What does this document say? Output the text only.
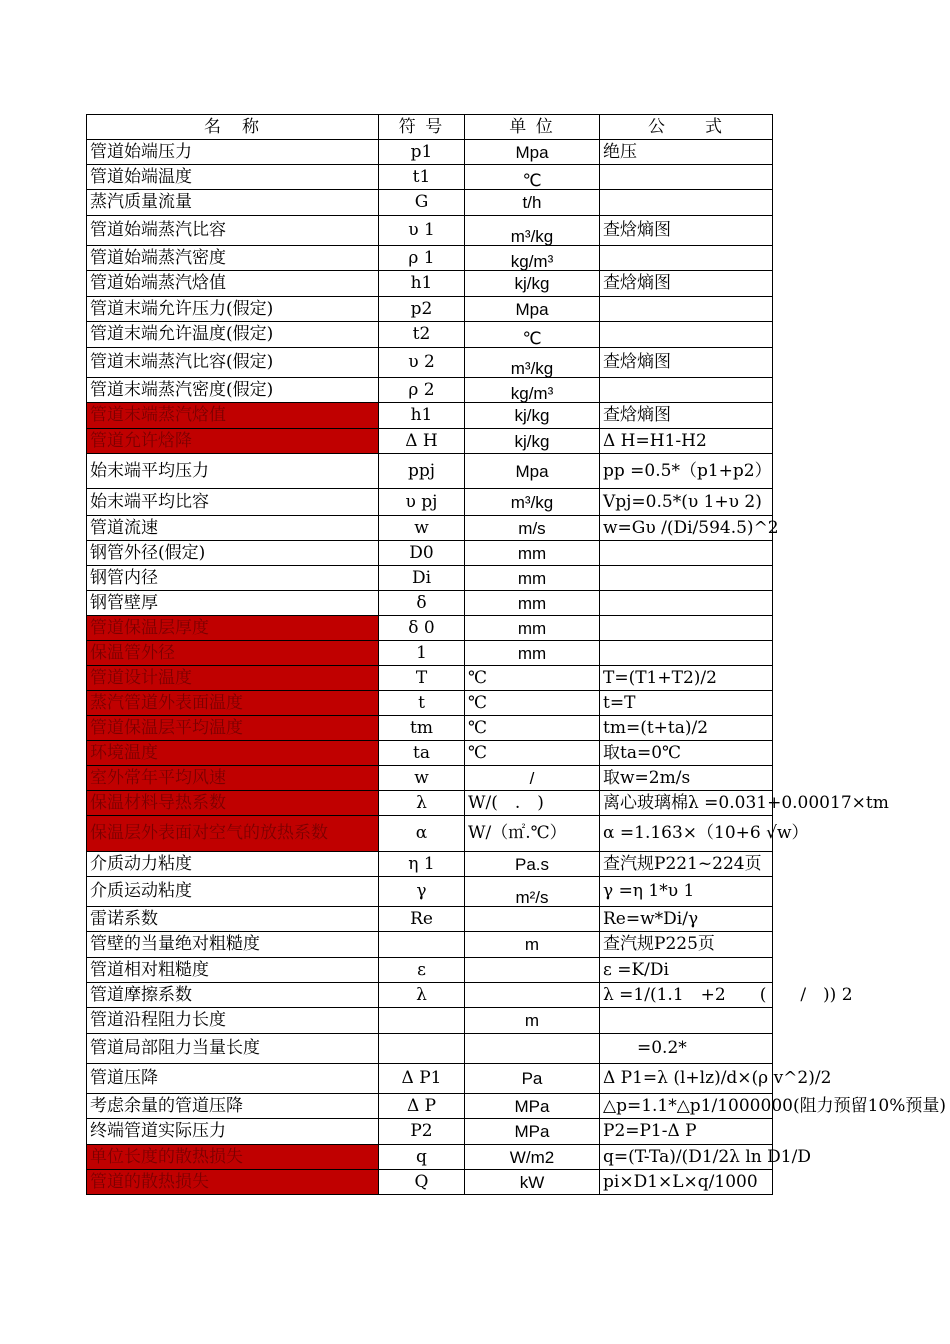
名　称	符 号	单 位	公　　式
管道始端压力	p1	Mpa	绝压
管道始端温度	t1	℃	
蒸汽质量流量	G	t/h	
管道始端蒸汽比容	υ 1	m³/kg	查焓熵图
管道始端蒸汽密度	ρ 1	kg/m³	
管道始端蒸汽焓值	h1	kj/kg	查焓熵图
管道末端允许压力(假定)	p2	Mpa	
管道末端允许温度(假定)	t2	℃	
管道末端蒸汽比容(假定)	υ 2	m³/kg	查焓熵图
管道末端蒸汽密度(假定)	ρ 2	kg/m³	
管道末端蒸汽焓值	h1	kj/kg	查焓熵图
管道允许焓降	Δ H	kj/kg	Δ H=H1-H2
始末端平均压力	ppj	Mpa	pp =0.5*（p1+p2）
始末端平均比容	υ pj	m³/kg	Vpj=0.5*(υ 1+υ 2)
管道流速	w	m/s	w=Gυ /(Di/594.5)^2
钢管外径(假定)	D0	mm	
钢管内径	Di	mm	
钢管壁厚	δ	mm	
管道保温层厚度	δ 0	mm	
保温管外径	1	mm	
管道设计温度	T	℃	T=(T1+T2)/2
蒸汽管道外表面温度	t	℃	t=T
管道保温层平均温度	tm	℃	tm=(t+ta)/2
环境温度	ta	℃	取ta=0℃
室外常年平均风速	w	/	取w=2m/s
保温材料导热系数	λ	W/(　.　)	离心玻璃棉λ =0.031+0.00017×tm
保温层外表面对空气的放热系数	α	W/（㎡.℃）	α =1.163×（10+6 √w）
介质动力粘度	η 1	Pa.s	查汽规P221~224页
介质运动粘度	γ	m²/s	γ =η 1*υ 1
雷诺系数	Re		Re=w*Di/γ
管壁的当量绝对粗糙度		m	查汽规P225页
管道相对粗糙度	ε		ε =K/Di
管道摩擦系数	λ		λ =1/(1.1　+2　　(　　/　)) 2
管道沿程阻力长度		m	
管道局部阻力当量长度			　　=0.2*
管道压降	Δ P1	Pa	Δ P1=λ (l+lz)/d×(ρ v^2)/2
考虑余量的管道压降	Δ P	MPa	△p=1.1*△p1/1000000(阻力预留10%预量)
终端管道实际压力	P2	MPa	P2=P1-Δ P
单位长度的散热损失	q	W/m2	q=(T-Ta)/(D1/2λ ln D1/D
管道的散热损失	Q	kW	pi×D1×L×q/1000
